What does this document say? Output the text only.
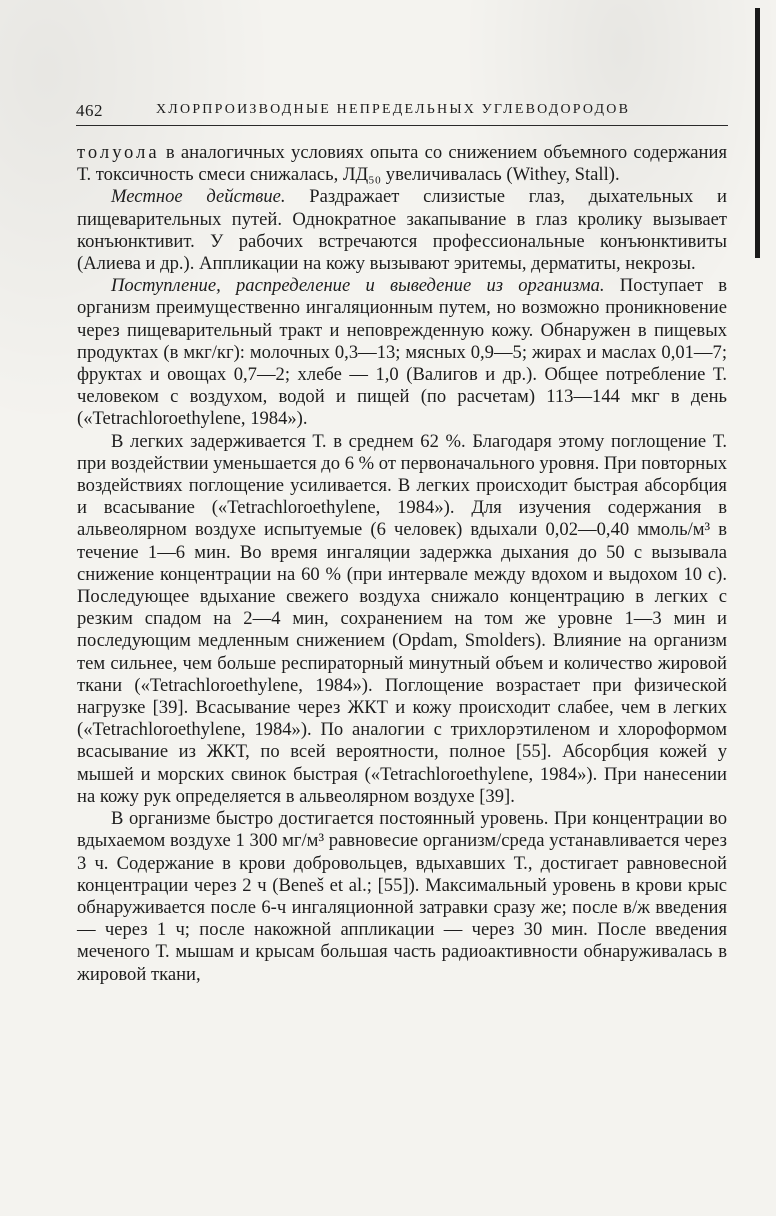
462	ХЛОРПРОИЗВОДНЫЕ НЕПРЕДЕЛЬНЫХ УГЛЕВОДОРОДОВ

толуола в аналогичных условиях опыта со снижением объемного содержания Т. токсичность смеси снижалась, ЛД₅₀ увеличивалась (Withey, Stall).

Местное действие. Раздражает слизистые глаз, дыхательных и пищеварительных путей. Однократное закапывание в глаз кролику вызывает конъюнктивит. У рабочих встречаются профессиональные конъюнктивиты (Алиева и др.). Аппликации на кожу вызывают эритемы, дерматиты, некрозы.

Поступление, распределение и выведение из организма. Поступает в организм преимущественно ингаляционным путем, но возможно проникновение через пищеварительный тракт и неповрежденную кожу. Обнаружен в пищевых продуктах (в мкг/кг): молочных 0,3—13; мясных 0,9—5; жирах и маслах 0,01—7; фруктах и овощах 0,7—2; хлебе — 1,0 (Валигов и др.). Общее потребление Т. человеком с воздухом, водой и пищей (по расчетам) 113—144 мкг в день («Tetrachloroethylene, 1984»).

В легких задерживается Т. в среднем 62 %. Благодаря этому поглощение Т. при воздействии уменьшается до 6 % от первоначального уровня. При повторных воздействиях поглощение усиливается. В легких происходит быстрая абсорбция и всасывание («Tetrachloroethylene, 1984»). Для изучения содержания в альвеолярном воздухе испытуемые (6 человек) вдыхали 0,02—0,40 ммоль/м³ в течение 1—6 мин. Во время ингаляции задержка дыхания до 50 с вызывала снижение концентрации на 60 % (при интервале между вдохом и выдохом 10 с). Последующее вдыхание свежего воздуха снижало концентрацию в легких с резким спадом на 2—4 мин, сохранением на том же уровне 1—3 мин и последующим медленным снижением (Opdam, Smolders). Влияние на организм тем сильнее, чем больше респираторный минутный объем и количество жировой ткани («Tetrachloroethylene, 1984»). Поглощение возрастает при физической нагрузке [39]. Всасывание через ЖКТ и кожу происходит слабее, чем в легких («Tetrachloroethylene, 1984»). По аналогии с трихлорэтиленом и хлороформом всасывание из ЖКТ, по всей вероятности, полное [55]. Абсорбция кожей у мышей и морских свинок быстрая («Tetrachloroethylene, 1984»). При нанесении на кожу рук определяется в альвеолярном воздухе [39].

В организме быстро достигается постоянный уровень. При концентрации во вдыхаемом воздухе 1 300 мг/м³ равновесие организм/среда устанавливается через 3 ч. Содержание в крови добровольцев, вдыхавших Т., достигает равновесной концентрации через 2 ч (Beneš et al.; [55]). Максимальный уровень в крови крыс обнаруживается после 6-ч ингаляционной затравки сразу же; после в/ж введения — через 1 ч; после накожной аппликации — через 30 мин. После введения меченого Т. мышам и крысам большая часть радиоактивности обнаруживалась в жировой ткани,
